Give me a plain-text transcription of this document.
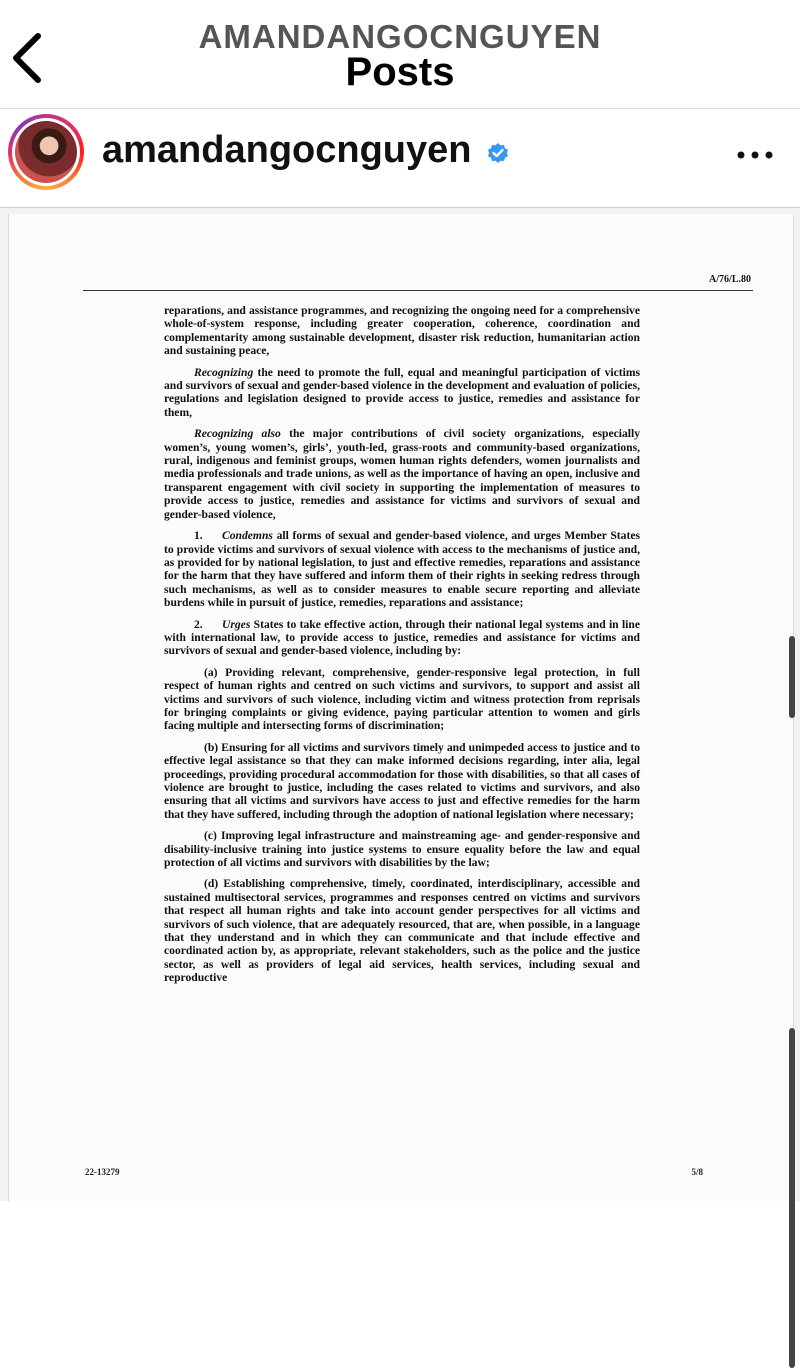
AMANDANGOCNGUYEN
Posts
amandangocnguyen
A/76/L.80

reparations, and assistance programmes, and recognizing the ongoing need for a comprehensive whole-of-system response, including greater cooperation, coherence, coordination and complementarity among sustainable development, disaster risk reduction, humanitarian action and sustaining peace,

Recognizing the need to promote the full, equal and meaningful participation of victims and survivors of sexual and gender-based violence in the development and evaluation of policies, regulations and legislation designed to provide access to justice, remedies and assistance for them,

Recognizing also the major contributions of civil society organizations, especially women’s, young women’s, girls’, youth-led, grass-roots and community-based organizations, rural, indigenous and feminist groups, women human rights defenders, women journalists and media professionals and trade unions, as well as the importance of having an open, inclusive and transparent engagement with civil society in supporting the implementation of measures to provide access to justice, remedies and assistance for victims and survivors of sexual and gender-based violence,

1. Condemns all forms of sexual and gender-based violence, and urges Member States to provide victims and survivors of sexual violence with access to the mechanisms of justice and, as provided for by national legislation, to just and effective remedies, reparations and assistance for the harm that they have suffered and inform them of their rights in seeking redress through such mechanisms, as well as to consider measures to enable secure reporting and alleviate burdens while in pursuit of justice, remedies, reparations and assistance;

2. Urges States to take effective action, through their national legal systems and in line with international law, to provide access to justice, remedies and assistance for victims and survivors of sexual and gender-based violence, including by:

(a) Providing relevant, comprehensive, gender-responsive legal protection, in full respect of human rights and centred on such victims and survivors, to support and assist all victims and survivors of such violence, including victim and witness protection from reprisals for bringing complaints or giving evidence, paying particular attention to women and girls facing multiple and intersecting forms of discrimination;

(b) Ensuring for all victims and survivors timely and unimpeded access to justice and to effective legal assistance so that they can make informed decisions regarding, inter alia, legal proceedings, providing procedural accommodation for those with disabilities, so that all cases of violence are brought to justice, including the cases related to victims and survivors, and also ensuring that all victims and survivors have access to just and effective remedies for the harm that they have suffered, including through the adoption of national legislation where necessary;

(c) Improving legal infrastructure and mainstreaming age- and gender-responsive and disability-inclusive training into justice systems to ensure equality before the law and equal protection of all victims and survivors with disabilities by the law;

(d) Establishing comprehensive, timely, coordinated, interdisciplinary, accessible and sustained multisectoral services, programmes and responses centred on victims and survivors that respect all human rights and take into account gender perspectives for all victims and survivors of such violence, that are adequately resourced, that are, when possible, in a language that they understand and in which they can communicate and that include effective and coordinated action by, as appropriate, relevant stakeholders, such as the police and the justice sector, as well as providers of legal aid services, health services, including sexual and reproductive

22-13279	5/8
